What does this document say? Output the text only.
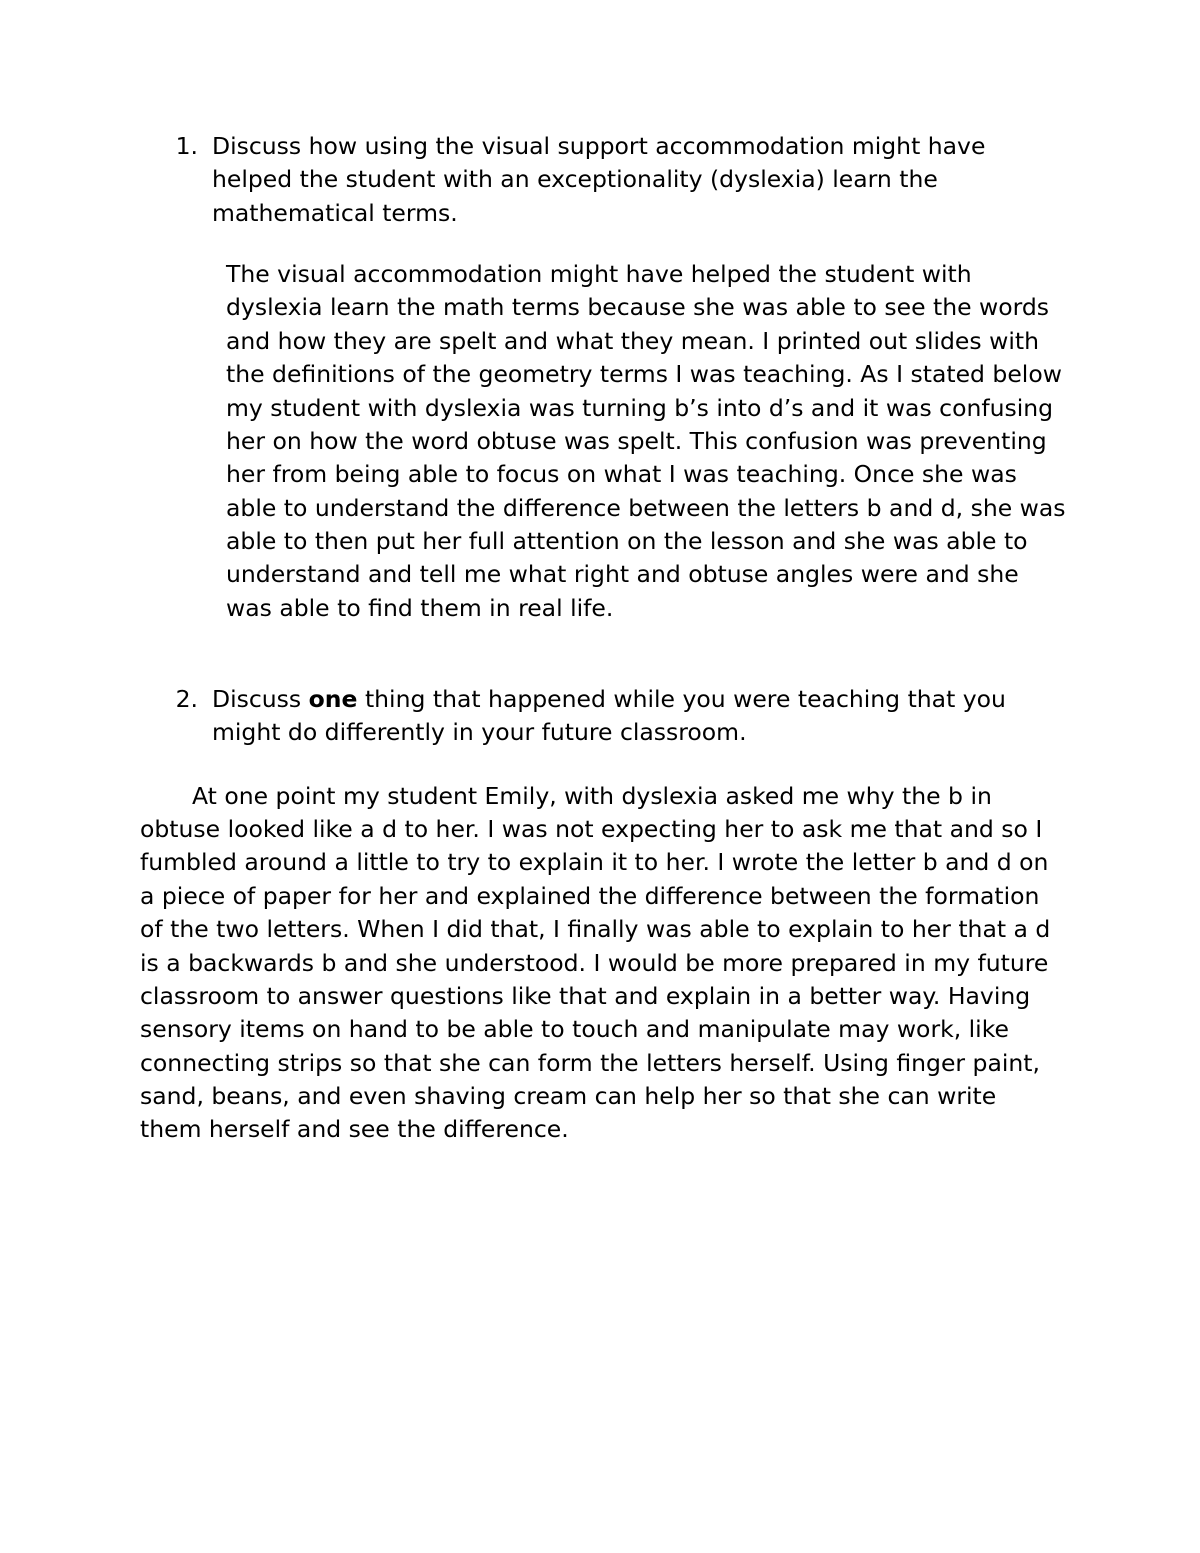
1. Discuss how using the visual support accommodation might have helped the student with an exceptionality (dyslexia) learn the mathematical terms.
The visual accommodation might have helped the student with dyslexia learn the math terms because she was able to see the words and how they are spelt and what they mean. I printed out slides with the definitions of the geometry terms I was teaching. As I stated below my student with dyslexia was turning b’s into d’s and it was confusing her on how the word obtuse was spelt. This confusion was preventing her from being able to focus on what I was teaching. Once she was able to understand the difference between the letters b and d, she was able to then put her full attention on the lesson and she was able to understand and tell me what right and obtuse angles were and she was able to find them in real life.
2. Discuss one thing that happened while you were teaching that you might do differently in your future classroom.
At one point my student Emily, with dyslexia asked me why the b in obtuse looked like a d to her. I was not expecting her to ask me that and so I fumbled around a little to try to explain it to her. I wrote the letter b and d on a piece of paper for her and explained the difference between the formation of the two letters. When I did that, I finally was able to explain to her that a d is a backwards b and she understood. I would be more prepared in my future classroom to answer questions like that and explain in a better way. Having sensory items on hand to be able to touch and manipulate may work, like connecting strips so that she can form the letters herself. Using finger paint, sand, beans, and even shaving cream can help her so that she can write them herself and see the difference.
